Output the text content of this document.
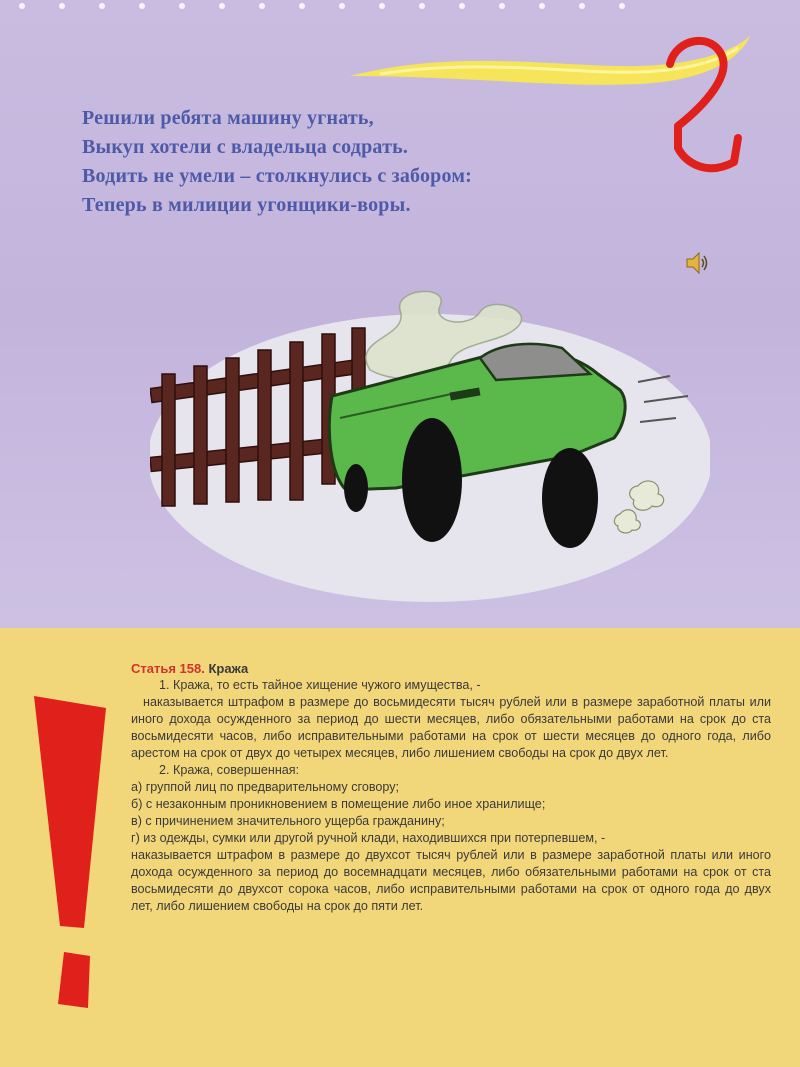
Решили ребята машину угнать,
Выкуп хотели с владельца содрать.
Водить не умели – столкнулись с забором:
Теперь в милиции угонщики-воры.
Статья 158. Кража

1. Кража, то есть тайное хищение чужого имущества, -

наказывается штрафом в размере до восьмидесяти тысяч рублей или в размере заработной платы или иного дохода осужденного за период до шести месяцев, либо обязательными работами на срок до ста восьмидесяти часов, либо исправительными работами на срок от шести месяцев до одного года, либо арестом на срок от двух до четырех месяцев, либо лишением свободы на срок до двух лет.

2. Кража, совершенная:

а) группой лиц по предварительному сговору;

б) с незаконным проникновением в помещение либо иное хранилище;

в) с причинением значительного ущерба гражданину;

г) из одежды, сумки или другой ручной клади, находившихся при потерпевшем, -

наказывается штрафом в размере до двухсот тысяч рублей или в размере заработной платы или иного дохода осужденного за период до восемнадцати месяцев, либо обязательными работами на срок от ста восьмидесяти до двухсот сорока часов, либо исправительными работами на срок от одного года до двух лет, либо лишением свободы на срок до пяти лет.
